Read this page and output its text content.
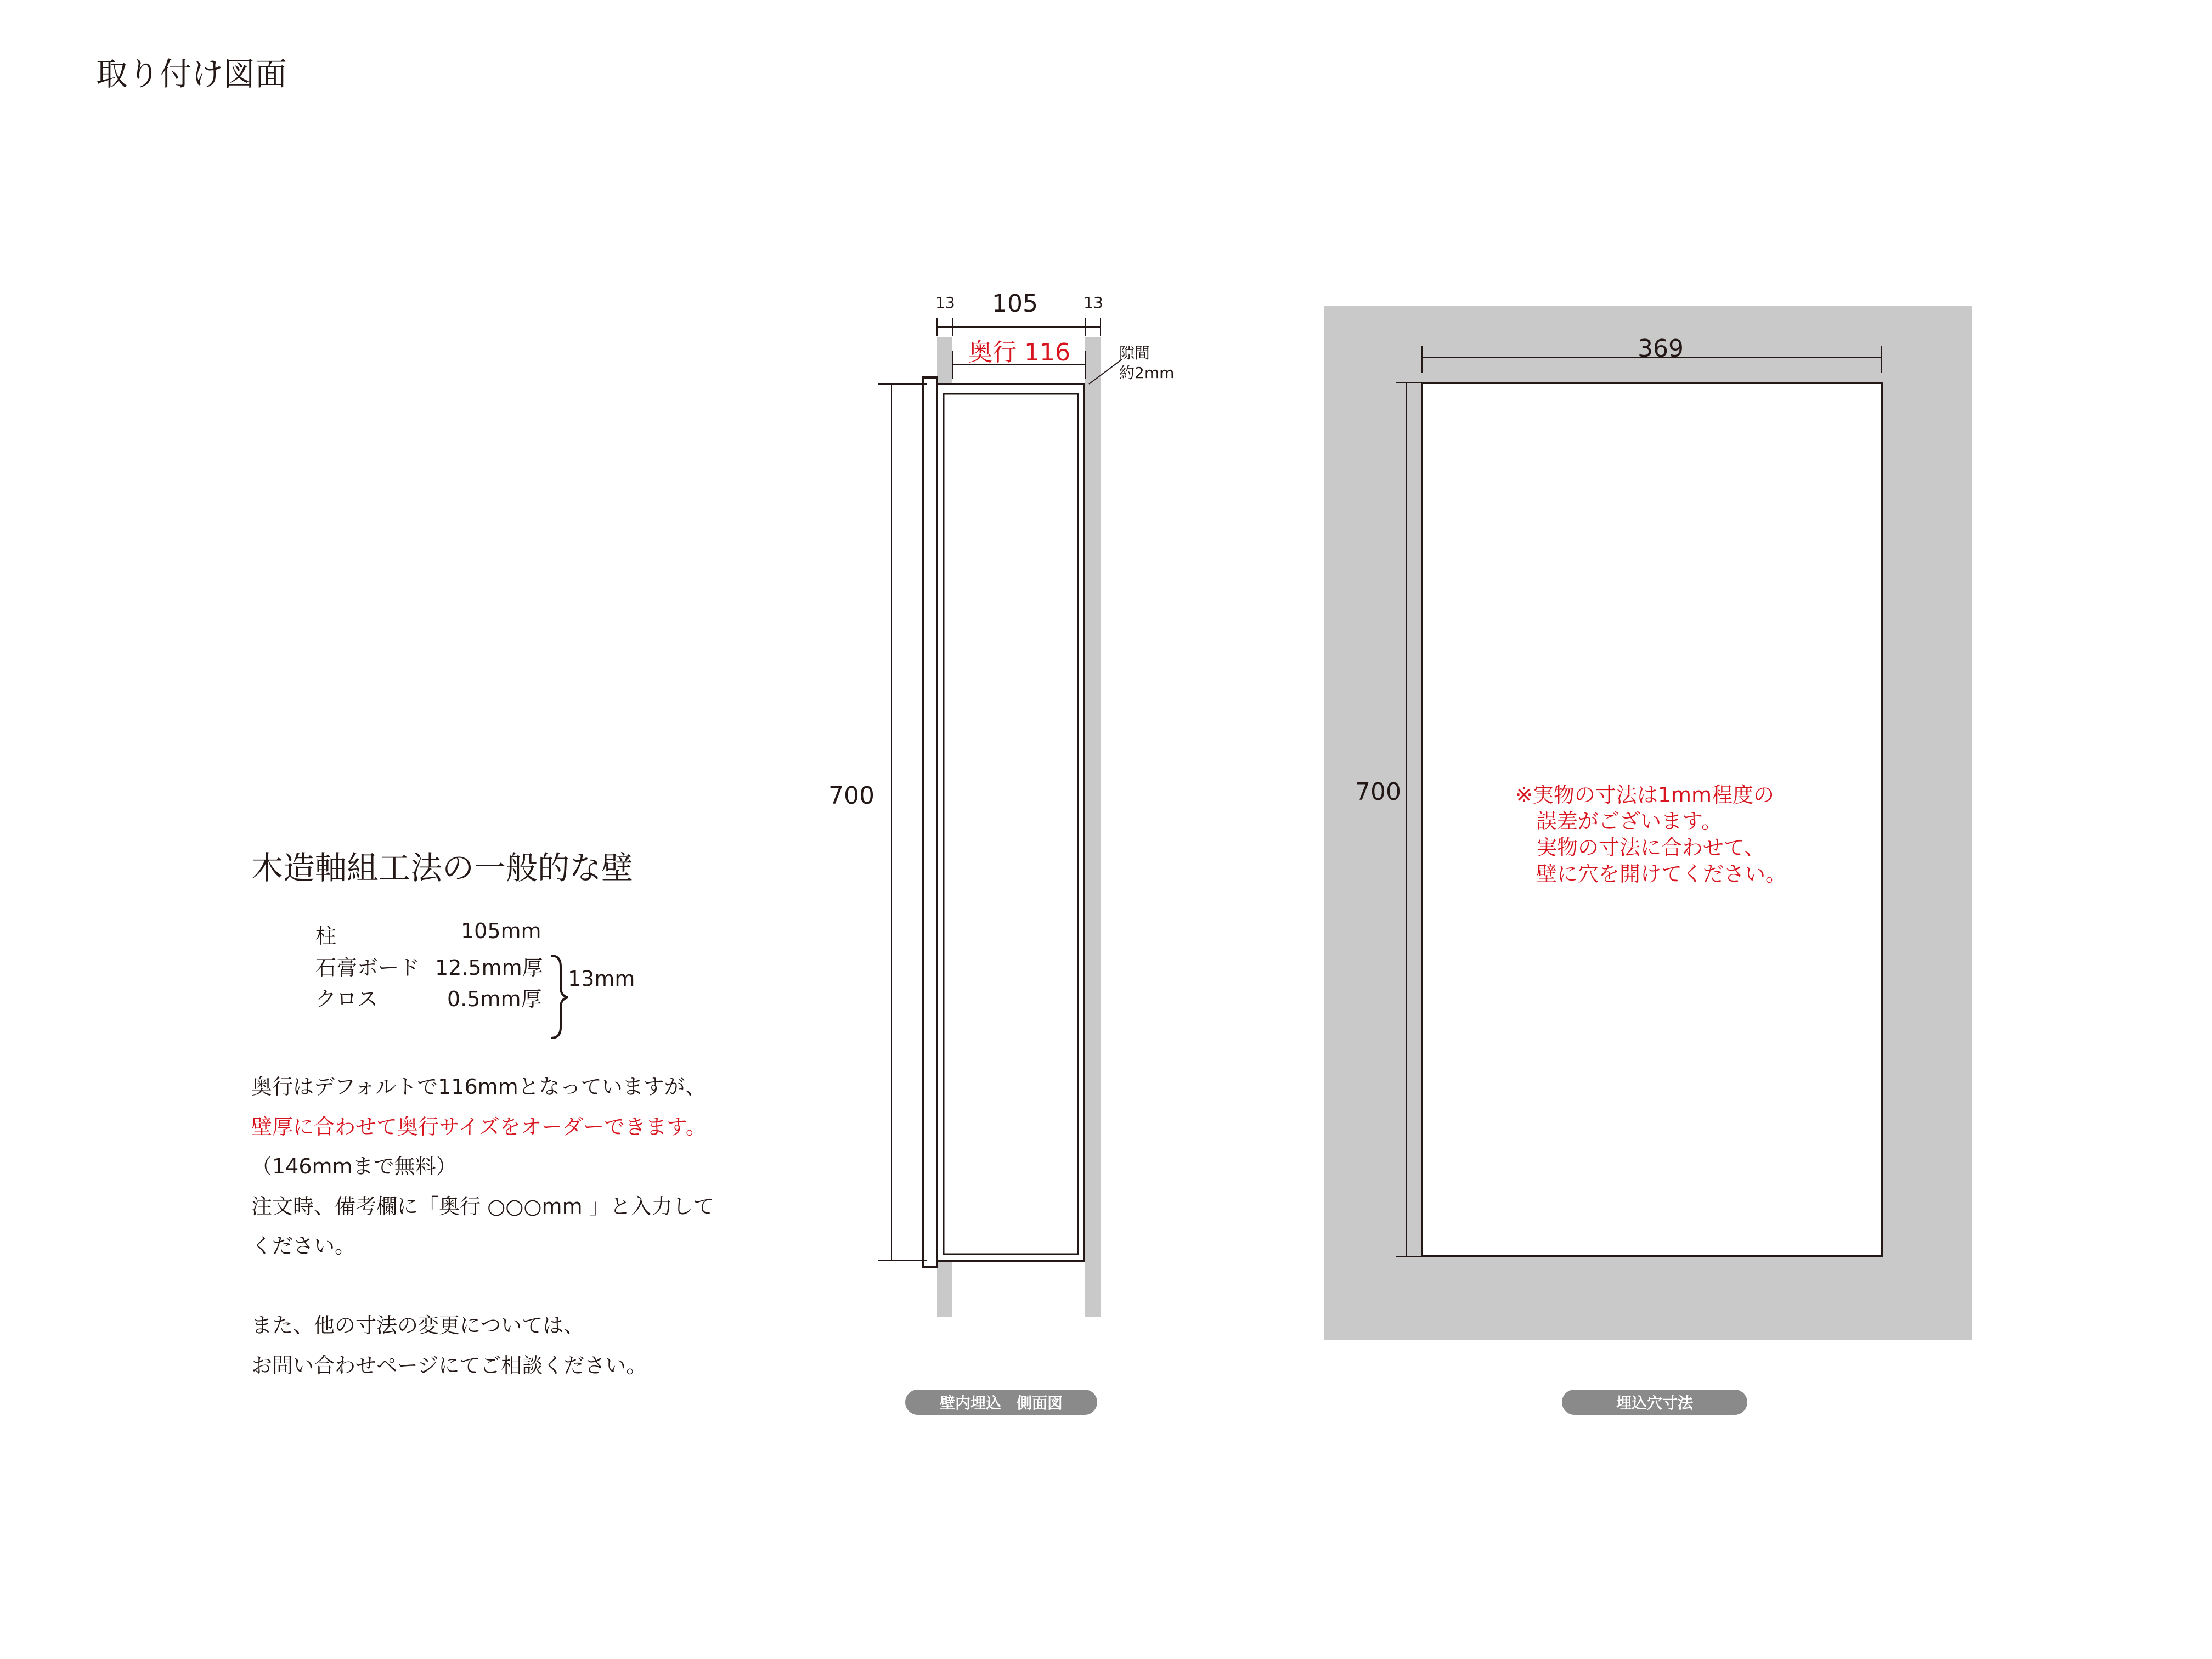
取り付け図面
木造軸組工法の一般的な壁
柱	105mm
石膏ボード 12.5mm厚
クロス	0.5mm厚
13mm
奥行はデフォルトで116mmとなっていますが、
壁厚に合わせて奥行サイズをオーダーできます。
（146mmまで無料）
注文時、備考欄に「奥行 ○○○mm 」と入力して
ください。
また、他の寸法の変更については、
お問い合わせページにてご相談ください。
13 105	13
奥行 116	隙間
約2mm
700
369
700	※実物の寸法は1mm程度の
誤差がございます。
実物の寸法に合わせて、
壁に穴を開けてください。
壁内埋込　側面図	埋込穴寸法
